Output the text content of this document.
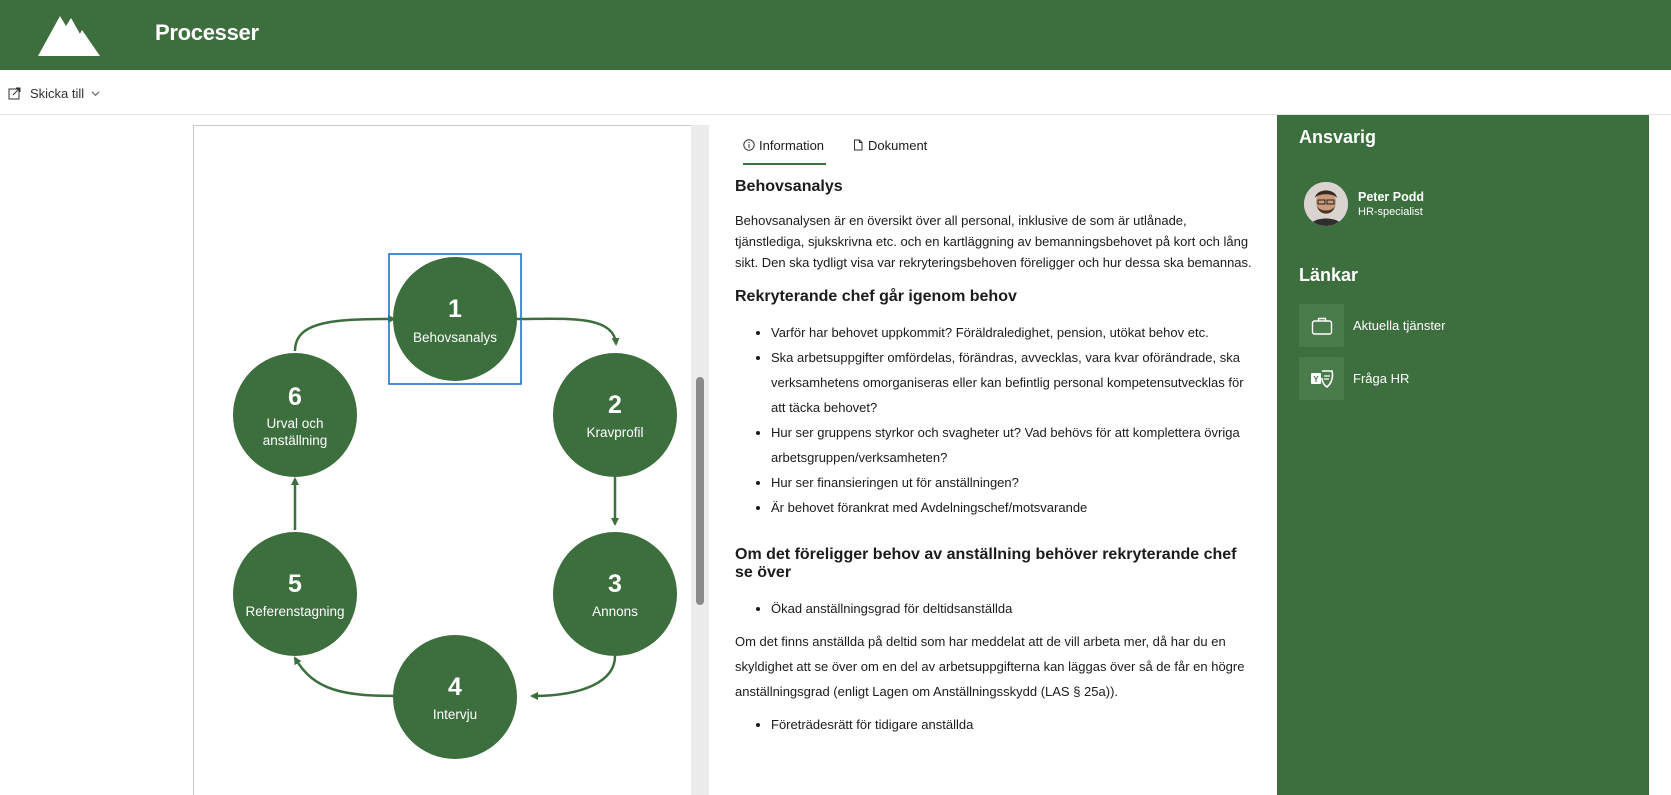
Processer
Skicka till
1
Behovsanalys
2
Kravprofil
3
Annons
4
Intervju
5
Referenstagning
6
Urval och
anställning
Information	Dokument
Behovsanalys

Behovsanalysen är en översikt över all personal, inklusive de som är utlånade, tjänstlediga, sjukskrivna etc. och en kartläggning av bemanningsbehovet på kort och lång sikt. Den ska tydligt visa var rekryteringsbehoven föreligger och hur dessa ska bemannas.

Rekryterande chef går igenom behov
• Varför har behovet uppkommit? Föräldraledighet, pension, utökat behov etc.
• Ska arbetsuppgifter omfördelas, förändras, avvecklas, vara kvar oförändrade, ska verksamhetens omorganiseras eller kan befintlig personal kompetensutvecklas för att täcka behovet?
• Hur ser gruppens styrkor och svagheter ut? Vad behövs för att komplettera övriga arbetsgruppen/verksamheten?
• Hur ser finansieringen ut för anställningen?
• Är behovet förankrat med Avdelningschef/motsvarande
Om det föreligger behov av anställning behöver rekryterande chef se över
• Ökad anställningsgrad för deltidsanställda

Om det finns anställda på deltid som har meddelat att de vill arbeta mer, då har du en skyldighet att se över om en del av arbetsuppgifterna kan läggas över så de får en högre anställningsgrad (enligt Lagen om Anställningsskydd (LAS § 25a)).

• Företrädesrätt för tidigare anställda
Ansvarig
Peter Podd
HR-specialist
Länkar
Aktuella tjänster
Y	Fråga HR
